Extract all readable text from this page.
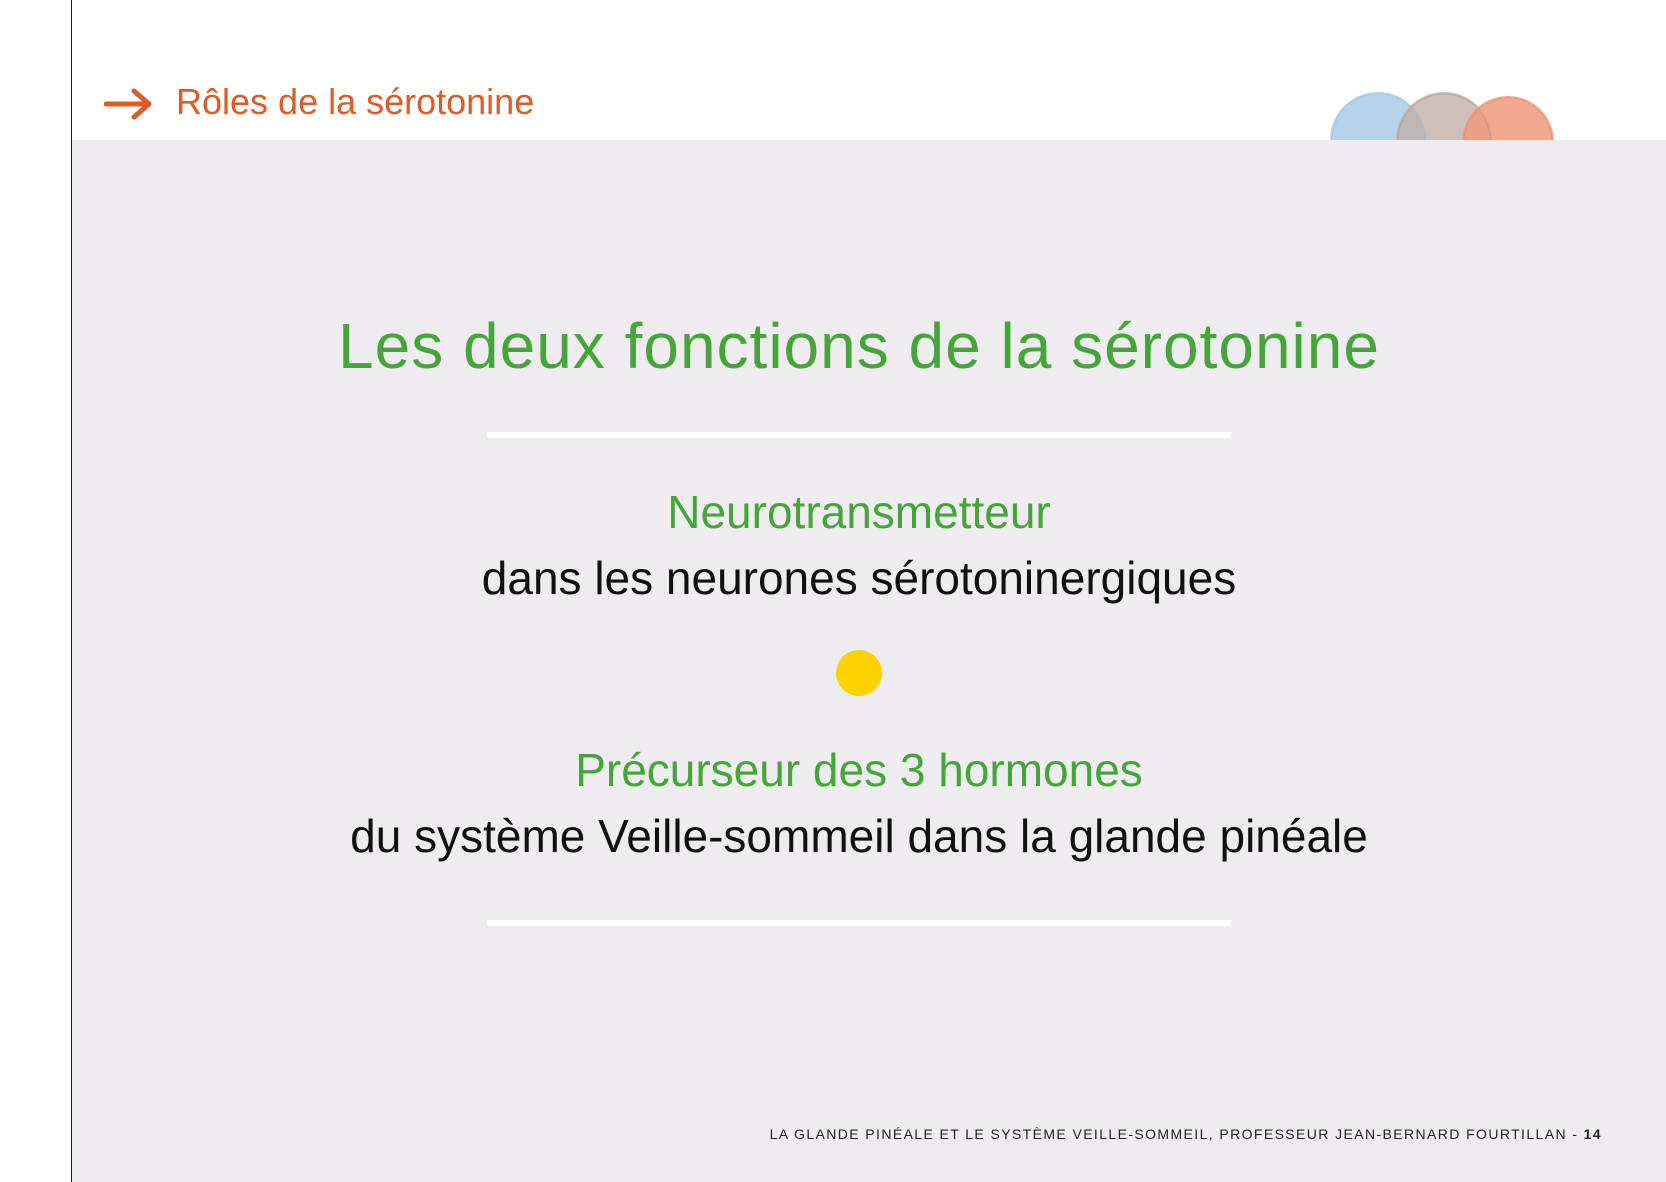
Rôles de la sérotonine
Les deux fonctions de la sérotonine
Neurotransmetteur
dans les neurones sérotoninergiques
Précurseur des 3 hormones
du système Veille-sommeil dans la glande pinéale
LA GLANDE PINÉALE ET LE SYSTÈME VEILLE-SOMMEIL, PROFESSEUR JEAN-BERNARD FOURTILLAN - 14
